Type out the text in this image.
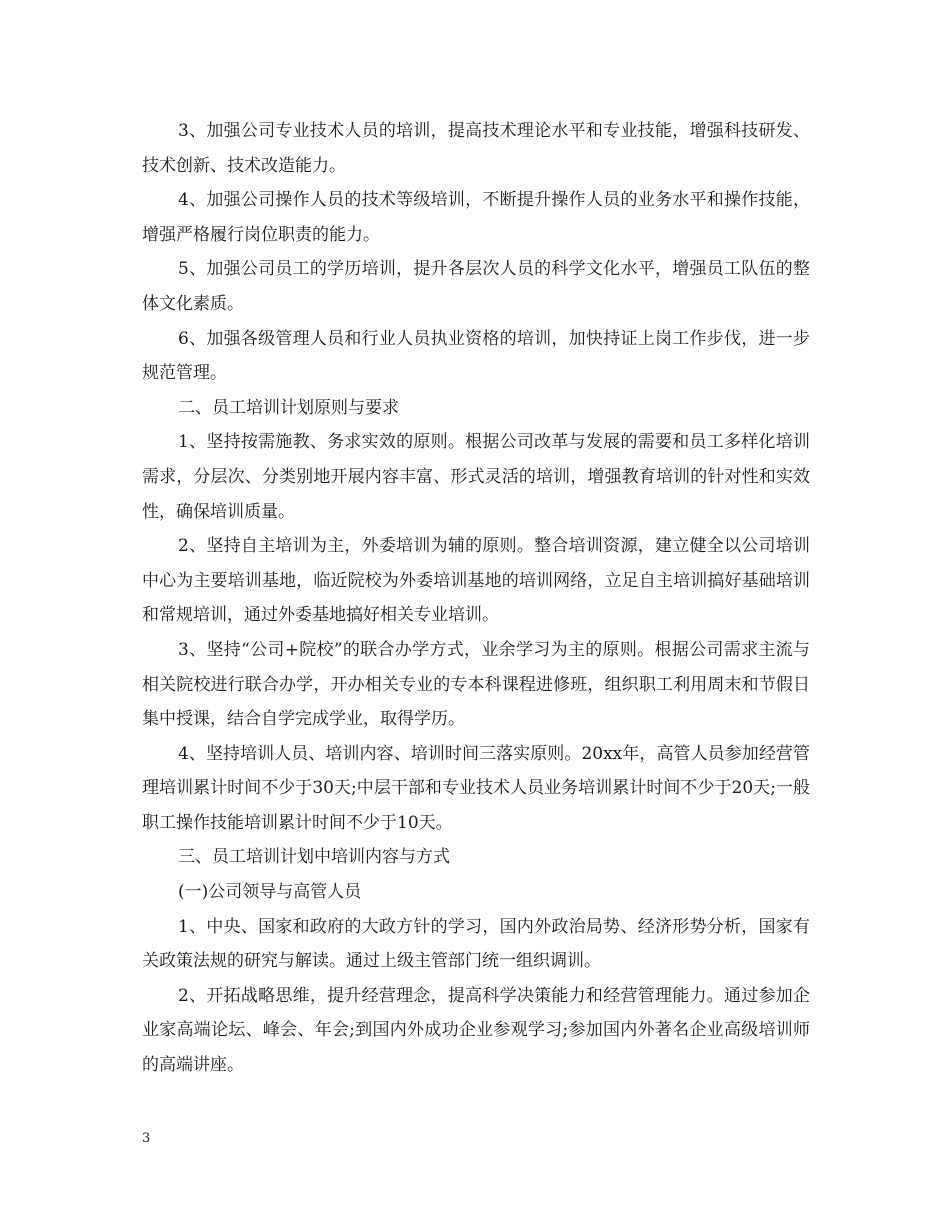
3、加强公司专业技术人员的培训，提高技术理论水平和专业技能，增强科技研发、技术创新、技术改造能力。

4、加强公司操作人员的技术等级培训，不断提升操作人员的业务水平和操作技能，增强严格履行岗位职责的能力。

5、加强公司员工的学历培训，提升各层次人员的科学文化水平，增强员工队伍的整体文化素质。

6、加强各级管理人员和行业人员执业资格的培训，加快持证上岗工作步伐，进一步规范管理。

二、员工培训计划原则与要求

1、坚持按需施教、务求实效的原则。根据公司改革与发展的需要和员工多样化培训需求，分层次、分类别地开展内容丰富、形式灵活的培训，增强教育培训的针对性和实效性，确保培训质量。

2、坚持自主培训为主，外委培训为辅的原则。整合培训资源，建立健全以公司培训中心为主要培训基地，临近院校为外委培训基地的培训网络，立足自主培训搞好基础培训和常规培训，通过外委基地搞好相关专业培训。

3、坚持“公司+院校”的联合办学方式，业余学习为主的原则。根据公司需求主流与相关院校进行联合办学，开办相关专业的专本科课程进修班，组织职工利用周末和节假日集中授课，结合自学完成学业，取得学历。

4、坚持培训人员、培训内容、培训时间三落实原则。20xx年，高管人员参加经营管理培训累计时间不少于30天;中层干部和专业技术人员业务培训累计时间不少于20天;一般职工操作技能培训累计时间不少于10天。

三、员工培训计划中培训内容与方式

(一)公司领导与高管人员

1、中央、国家和政府的大政方针的学习，国内外政治局势、经济形势分析，国家有关政策法规的研究与解读。通过上级主管部门统一组织调训。

2、开拓战略思维，提升经营理念，提高科学决策能力和经营管理能力。通过参加企业家高端论坛、峰会、年会;到国内外成功企业参观学习;参加国内外著名企业高级培训师的高端讲座。

3
